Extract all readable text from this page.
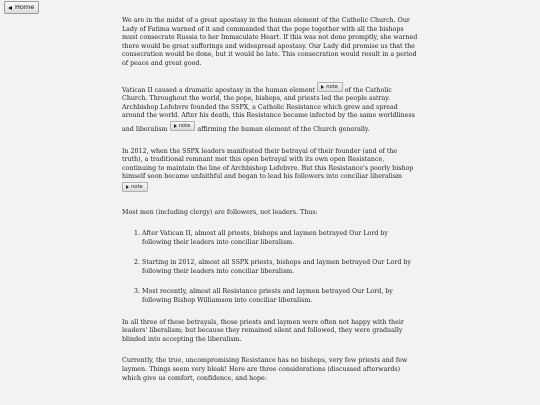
Home

We are in the midst of a great apostasy in the human element of the Catholic Church. Our Lady of Fatima warned of it and commanded that the pope together with all the bishops must consecrate Russia to her Immaculate Heart. If this was not done promptly, she warned there would be great sufferings and widespread apostasy. Our Lady did promise us that the consecration would be done, but it would be late. This consecration would result in a period of peace and great good.

Vatican II caused a dramatic apostasy in the human element note of the Catholic Church. Throughout the world, the pope, bishops, and priests led the people astray. Archbishop Lefebvre founded the SSPX, a Catholic Resistance which grew and spread around the world. After his death, this Resistance became infected by the same worldliness and liberalism note affirming the human element of the Church generally.

In 2012, when the SSPX leaders manifested their betrayal of their founder (and of the truth), a traditional remnant met this open betrayal with its own open Resistance, continuing to maintain the line of Archbishop Lefebvre. But this Resistance's poorly bishop himself soon became unfaithful and began to lead his followers into conciliar liberalism
note

Most men (including clergy) are followers, not leaders. Thus:

1. After Vatican II, almost all priests, bishops and laymen betrayed Our Lord by following their leaders into conciliar liberalism.
2. Starting in 2012, almost all SSPX priests, bishops and laymen betrayed Our Lord by following their leaders into conciliar liberalism.
3. Most recently, almost all Resistance priests and laymen betrayed Our Lord, by following Bishop Williamson into conciliar liberalism.

In all three of these betrayals, those priests and laymen were often not happy with their leaders' liberalism; but because they remained silent and followed, they were gradually blinded into accepting the liberalism.

Currently, the true, uncompromising Resistance has no bishops, very few priests and few laymen. Things seem very bleak! Here are three considerations (discussed afterwards) which give us comfort, confidence, and hope:
